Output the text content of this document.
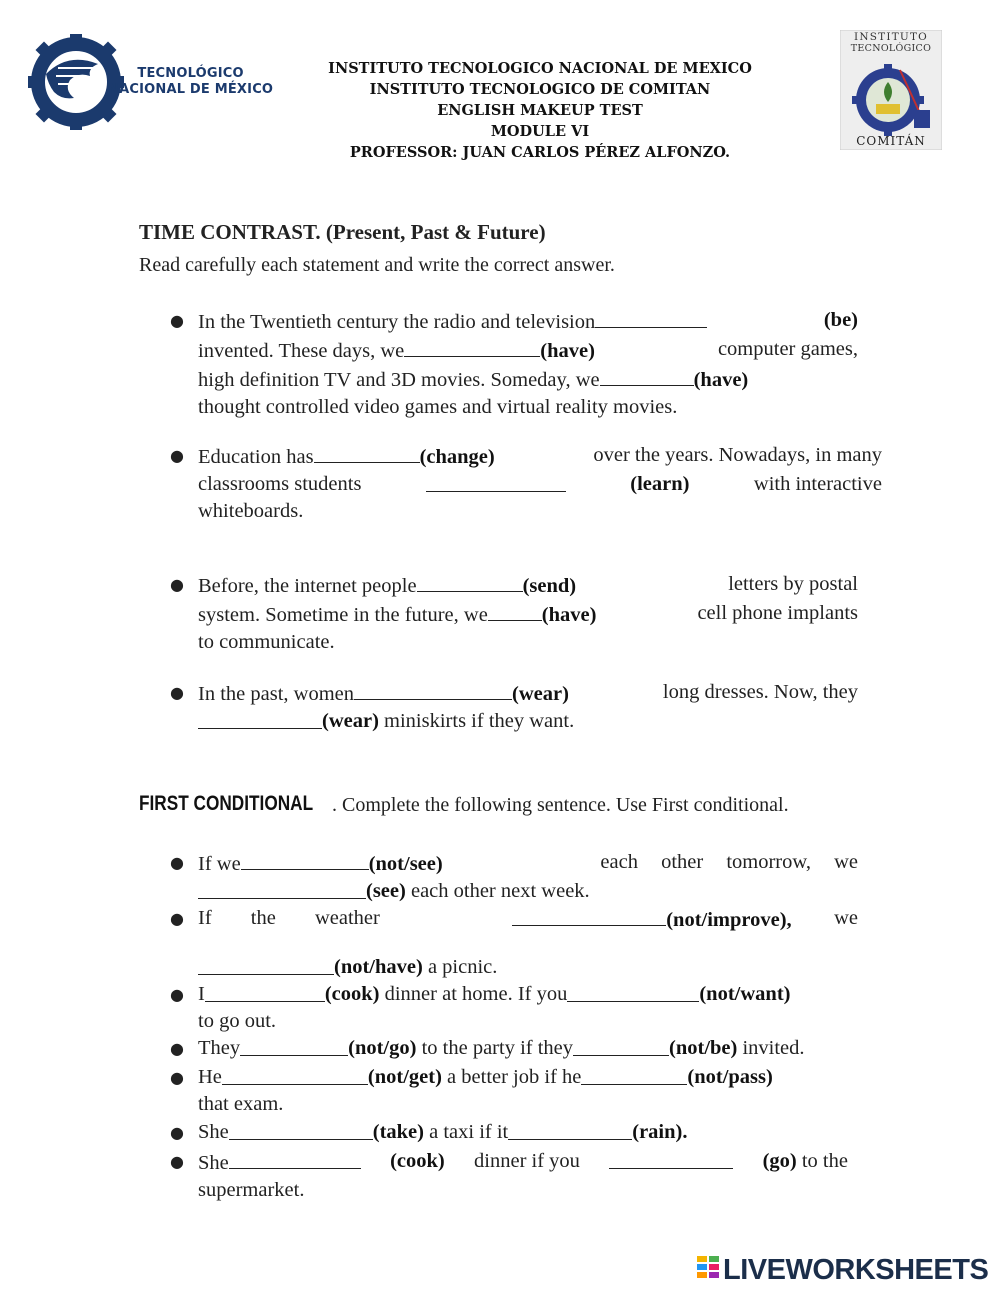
TECNOLÓGICO
NACIONAL DE MÉXICO
INSTITUTO TECNOLOGICO NACIONAL DE MEXICO
INSTITUTO TECNOLOGICO DE COMITAN
ENGLISH MAKEUP TEST
MODULE VI
PROFESSOR: JUAN CARLOS PÉREZ ALFONZO.
INSTITUTO
TECNOLÓGICO
COMITÁN
TIME CONTRAST. (Present, Past & Future)
Read carefully each statement and write the correct answer.
● In the Twentieth century the radio and television	(be)
invented. These days, we	(have)	computer games,
high definition TV and 3D movies. Someday, we	(have)
thought controlled video games and virtual reality movies.
● Education has	(change)	over the years. Nowadays, in many
classrooms students	(learn)	with interactive
whiteboards.
● Before, the internet people	(send)	letters by postal
system. Sometime in the future, we	(have)	cell phone implants
to communicate.
● In the past, women	(wear)	long dresses. Now, they
(wear)
miniskirts if they want.
FIRST CONDITIONAL . Complete the following sentence. Use First conditional.
● If we	(not/see)	each other tomorrow, we
(see)
each other next week.
● If the weather	(not/improve), we
(not/have)
a picnic.
● I	(cook)
dinner at home. If you	(not/want)
to go out.
● They	(not/go)
to the party if they	(not/be)
invited.
● He	(not/get)
a better job if he	(not/pass)
that exam.
● She	(take)
a taxi if it	(rain).
● She	(cook) dinner if you	(go) to the
supermarket.
LIVEWORKSHEETS
